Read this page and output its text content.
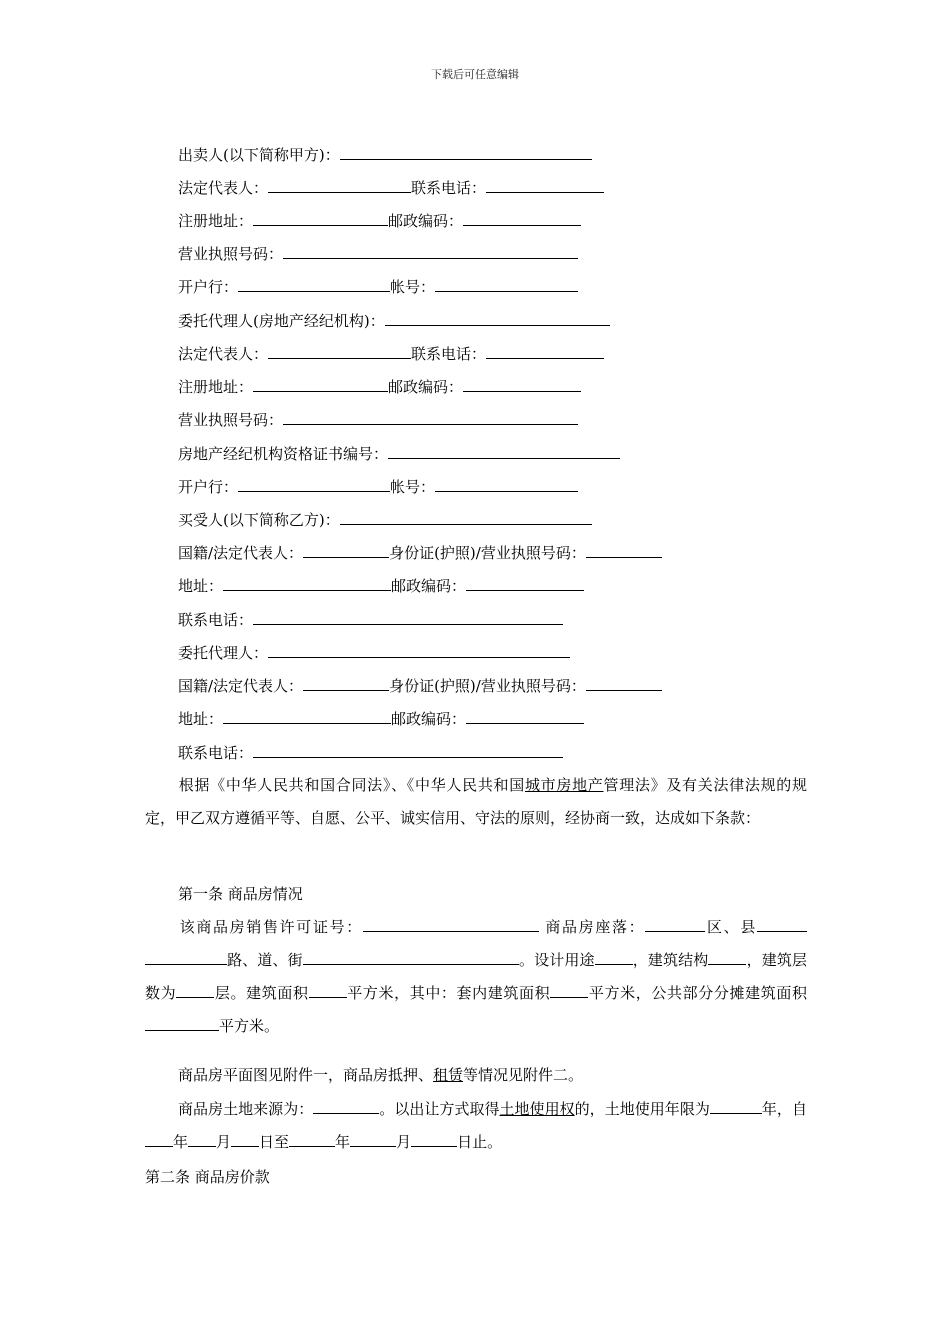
下载后可任意编辑
出卖人(以下简称甲方)：
法定代表人：	联系电话：
注册地址：	邮政编码：
营业执照号码：
开户行：	帐号：
委托代理人(房地产经纪机构)：
法定代表人：	联系电话：
注册地址：	邮政编码：
营业执照号码：
房地产经纪机构资格证书编号：
开户行：	帐号：
买受人(以下简称乙方)：
国籍/法定代表人：	身份证(护照)/营业执照号码：
地址：	邮政编码：
联系电话：
委托代理人：
国籍/法定代表人：	身份证(护照)/营业执照号码：
地址：	邮政编码：
联系电话：
根据《中华人民共和国合同法》、《中华人民共和国城市房地产管理法》及有关法律法规的规定，甲乙双方遵循平等、自愿、公平、诚实信用、守法的原则，经协商一致，达成如下条款：
第一条 商品房情况
该商品房销售许可证号：	商品房座落：	区、县路、道、街	。设计用途	，建筑结构	，建筑层数为	层。建筑面积	平方米，其中：套内建筑面积	平方米，公共部分分摊建筑面积平方米。
商品房平面图见附件一，商品房抵押、租赁等情况见附件二。
商品房土地来源为：	。以出让方式取得土地使用权的，土地使用年限为	年，自年 月 日至	年	月	日止。
第二条 商品房价款
